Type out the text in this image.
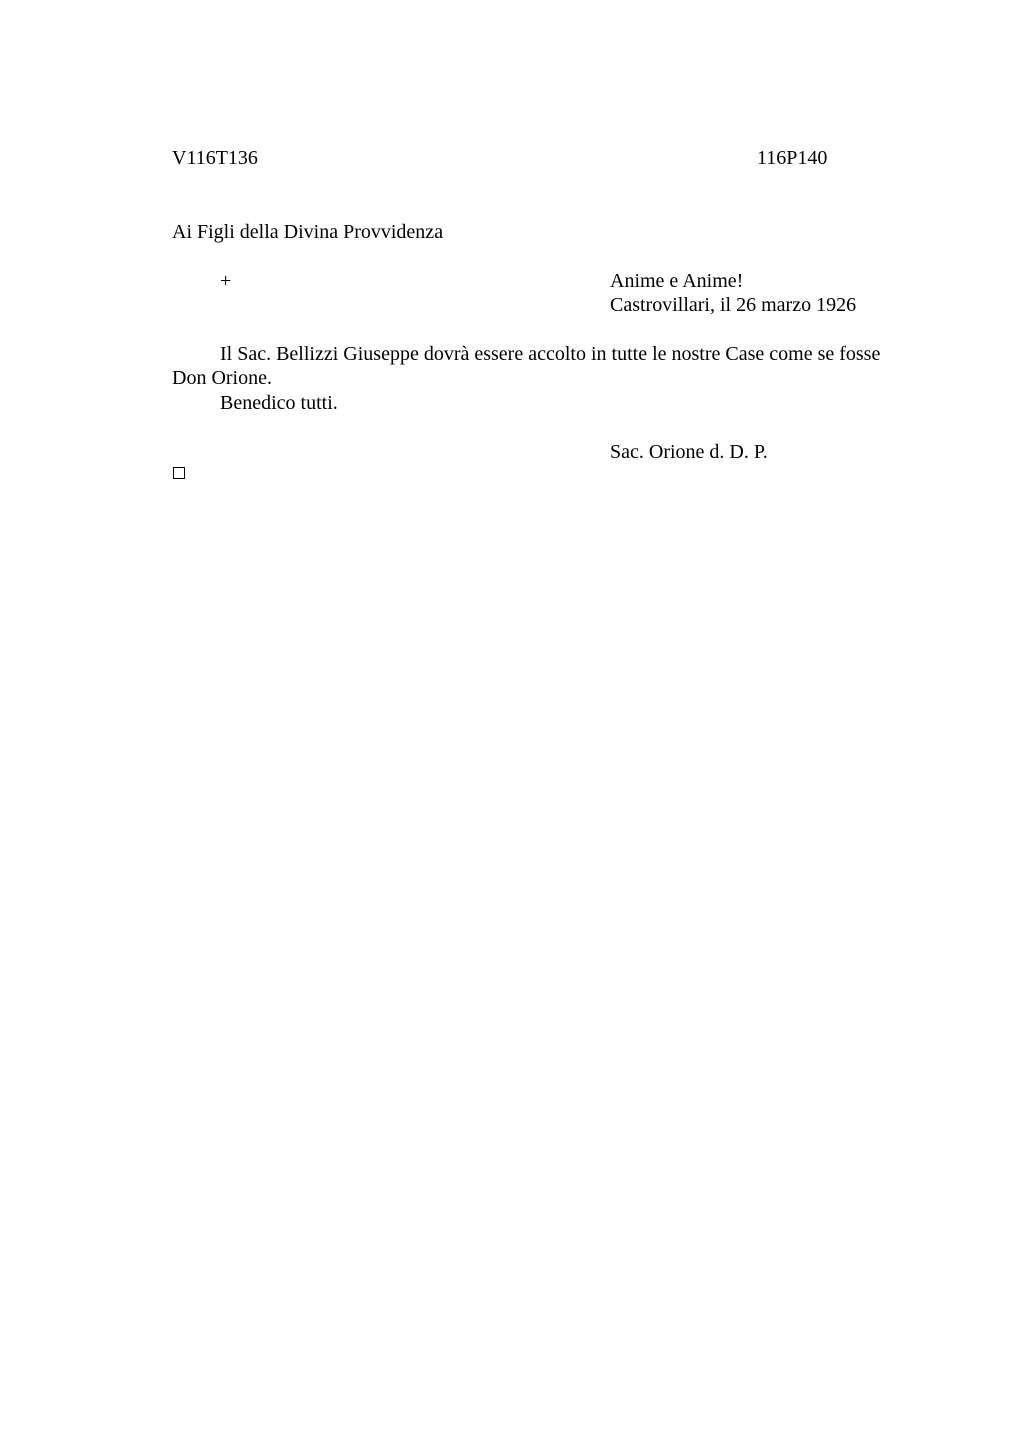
V116T136	116P140
Ai Figli della Divina Provvidenza
+	Anime e Anime!
Castrovillari, il 26 marzo 1926
Il Sac. Bellizzi Giuseppe dovrà essere accolto in tutte le nostre Case come se fosse
Don Orione.
Benedico tutti.
Sac. Orione d. D. P.
